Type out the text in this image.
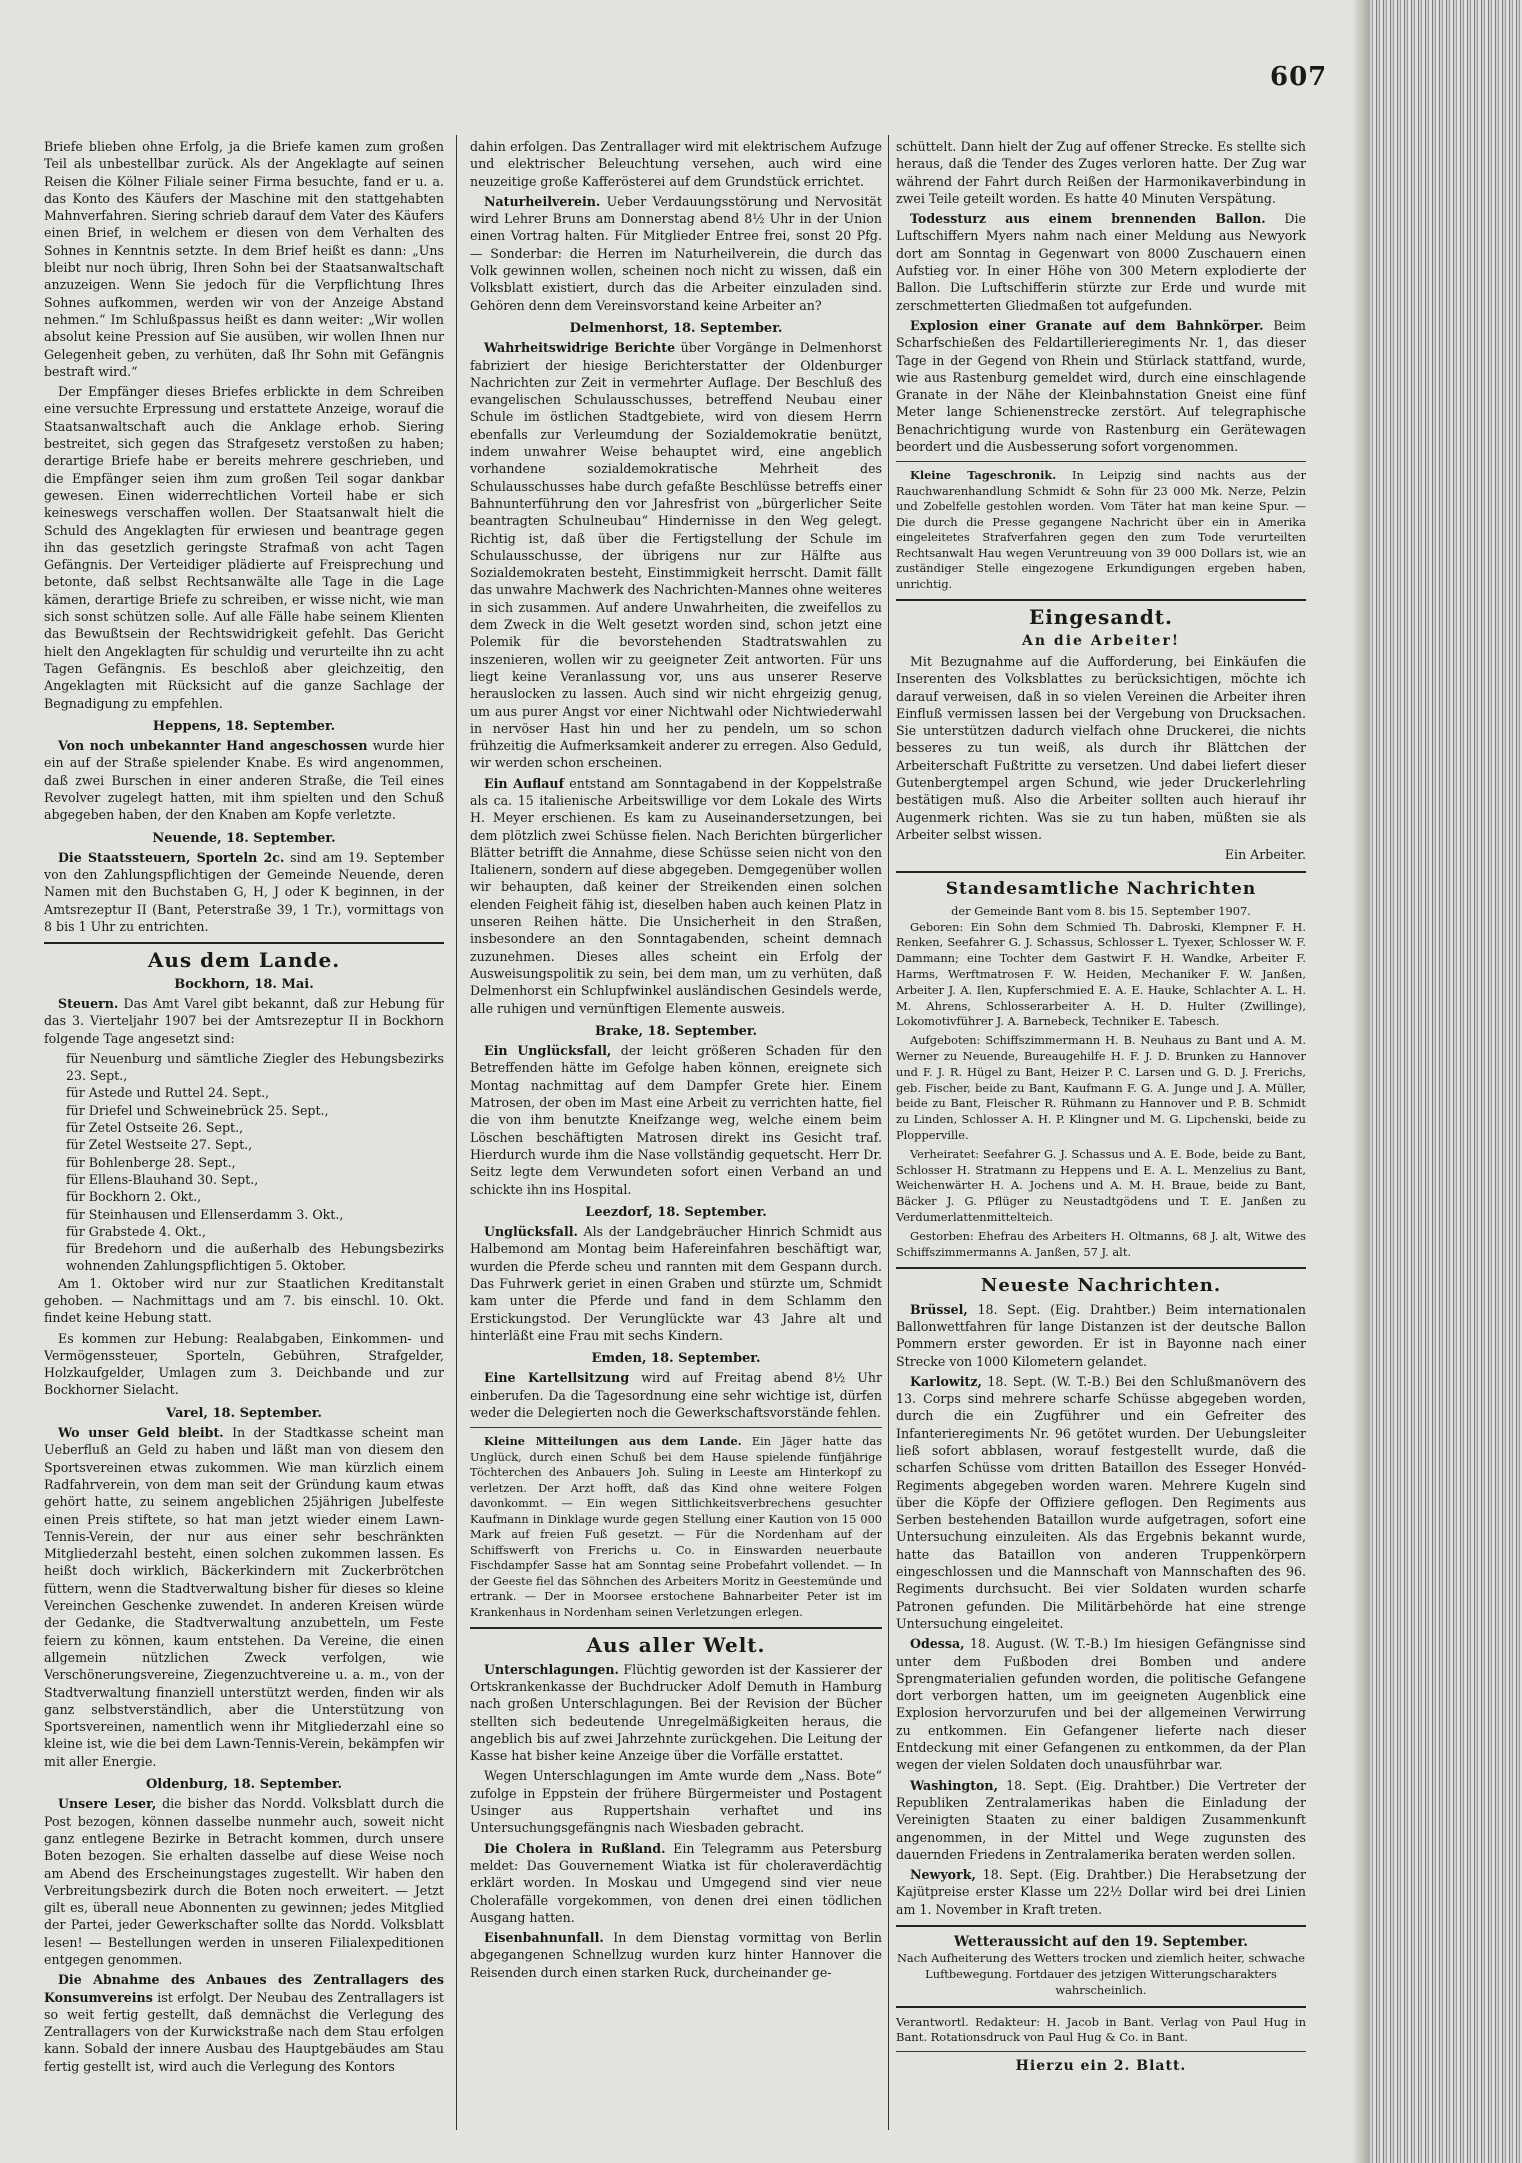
607

Briefe blieben ohne Erfolg, ja die Briefe kamen zum großen Teil als unbestellbar zurück. Als der Angeklagte auf seinen Reisen die Kölner Filiale seiner Firma besuchte, fand er u. a. das Konto des Käufers der Maschine mit den stattgehabten Mahnverfahren. Siering schrieb darauf dem Vater des Käufers einen Brief, in welchem er diesen von dem Verhalten des Sohnes in Kenntnis setzte. In dem Brief heißt es dann: „Uns bleibt nur noch übrig, Ihren Sohn bei der Staatsanwaltschaft anzuzeigen. Wenn Sie jedoch für die Verpflichtung Ihres Sohnes aufkommen, werden wir von der Anzeige Abstand nehmen.“ Im Schlußpassus heißt es dann weiter: „Wir wollen absolut keine Pression auf Sie ausüben, wir wollen Ihnen nur Gelegenheit geben, zu verhüten, daß Ihr Sohn mit Gefängnis bestraft wird.“

Der Empfänger dieses Briefes erblickte in dem Schreiben eine versuchte Erpressung und erstattete Anzeige, worauf die Staatsanwaltschaft auch die Anklage erhob. Siering bestreitet, sich gegen das Strafgesetz verstoßen zu haben; derartige Briefe habe er bereits mehrere geschrieben, und die Empfänger seien ihm zum großen Teil sogar dankbar gewesen. Einen widerrechtlichen Vorteil habe er sich keineswegs verschaffen wollen. Der Staatsanwalt hielt die Schuld des Angeklagten für erwiesen und beantrage gegen ihn das gesetzlich geringste Strafmaß von acht Tagen Gefängnis. Der Verteidiger plädierte auf Freisprechung und betonte, daß selbst Rechtsanwälte alle Tage in die Lage kämen, derartige Briefe zu schreiben, er wisse nicht, wie man sich sonst schützen solle. Auf alle Fälle habe seinem Klienten das Bewußtsein der Rechtswidrigkeit gefehlt. Das Gericht hielt den Angeklagten für schuldig und verurteilte ihn zu acht Tagen Gefängnis. Es beschloß aber gleichzeitig, den Angeklagten mit Rücksicht auf die ganze Sachlage der Begnadigung zu empfehlen.

Heppens, 18. September.

Von noch unbekannter Hand angeschossen wurde hier ein auf der Straße spielender Knabe. Es wird angenommen, daß zwei Burschen in einer anderen Straße, die Teil eines Revolver zugelegt hatten, mit ihm spielten und den Schuß abgegeben haben, der den Knaben am Kopfe verletzte.

Neuende, 18. September.

Die Staatssteuern, Sporteln 2c. sind am 19. September von den Zahlungspflichtigen der Gemeinde Neuende, deren Namen mit den Buchstaben G, H, J oder K beginnen, in der Amtsrezeptur II (Bant, Peterstraße 39, 1 Tr.), vormittags von 8 bis 1 Uhr zu entrichten.

Aus dem Lande.
Bockhorn, 18. Mai.

Steuern. Das Amt Varel gibt bekannt, daß zur Hebung für das 3. Vierteljahr 1907 bei der Amtsrezeptur II in Bockhorn folgende Tage angesetzt sind:

für Neuenburg und sämtliche Ziegler des Hebungsbezirks 23. Sept.,
für Astede und Ruttel 24. Sept.,
für Driefel und Schweinebrück 25. Sept.,
für Zetel Ostseite 26. Sept.,
für Zetel Westseite 27. Sept.,
für Bohlenberge 28. Sept.,
für Ellens-Blauhand 30. Sept.,
für Bockhorn 2. Okt.,
für Steinhausen und Ellenserdamm 3. Okt.,
für Grabstede 4. Okt.,
für Bredehorn und die außerhalb des Hebungsbezirks wohnenden Zahlungspflichtigen 5. Oktober.

Am 1. Oktober wird nur zur Staatlichen Kreditanstalt gehoben. — Nachmittags und am 7. bis einschl. 10. Okt. findet keine Hebung statt.

Es kommen zur Hebung: Realabgaben, Einkommen- und Vermögenssteuer, Sporteln, Gebühren, Strafgelder, Holzkaufgelder, Umlagen zum 3. Deichbande und zur Bockhorner Sielacht.

Varel, 18. September.

Wo unser Geld bleibt. In der Stadtkasse scheint man Ueberfluß an Geld zu haben und läßt man von diesem den Sportsvereinen etwas zukommen. Wie man kürzlich einem Radfahrverein, von dem man seit der Gründung kaum etwas gehört hatte, zu seinem angeblichen 25jährigen Jubelfeste einen Preis stiftete, so hat man jetzt wieder einem Lawn-Tennis-Verein, der nur aus einer sehr beschränkten Mitgliederzahl besteht, einen solchen zukommen lassen. Es heißt doch wirklich, Bäckerkindern mit Zuckerbrötchen füttern, wenn die Stadtverwaltung bisher für dieses so kleine Vereinchen Geschenke zuwendet. In anderen Kreisen würde der Gedanke, die Stadtverwaltung anzubetteln, um Feste feiern zu können, kaum entstehen. Da Vereine, die einen allgemein nützlichen Zweck verfolgen, wie Verschönerungsvereine, Ziegenzuchtvereine u. a. m., von der Stadtverwaltung finanziell unterstützt werden, finden wir als ganz selbstverständlich, aber die Unterstützung von Sportsvereinen, namentlich wenn ihr Mitgliederzahl eine so kleine ist, wie die bei dem Lawn-Tennis-Verein, bekämpfen wir mit aller Energie.

Oldenburg, 18. September.

Unsere Leser, die bisher das Nordd. Volksblatt durch die Post bezogen, können dasselbe nunmehr auch, soweit nicht ganz entlegene Bezirke in Betracht kommen, durch unsere Boten bezogen. Sie erhalten dasselbe auf diese Weise noch am Abend des Erscheinungstages zugestellt. Wir haben den Verbreitungsbezirk durch die Boten noch erweitert. — Jetzt gilt es, überall neue Abonnenten zu gewinnen; jedes Mitglied der Partei, jeder Gewerkschafter sollte das Nordd. Volksblatt lesen! — Bestellungen werden in unseren Filialexpeditionen entgegen genommen.

Die Abnahme des Anbaues des Zentrallagers des Konsumvereins ist erfolgt. Der Neubau des Zentrallagers ist so weit fertig gestellt, daß demnächst die Verlegung des Zentrallagers von der Kurwickstraße nach dem Stau erfolgen kann. Sobald der innere Ausbau des Hauptgebäudes am Stau fertig gestellt ist, wird auch die Verlegung des Kontors

dahin erfolgen. Das Zentrallager wird mit elektrischem Aufzuge und elektrischer Beleuchtung versehen, auch wird eine neuzeitige große Kafferösterei auf dem Grundstück errichtet.

Naturheilverein. Ueber Verdauungsstörung und Nervosität wird Lehrer Bruns am Donnerstag abend 8½ Uhr in der Union einen Vortrag halten. Für Mitglieder Entree frei, sonst 20 Pfg. — Sonderbar: die Herren im Naturheilverein, die durch das Volk gewinnen wollen, scheinen noch nicht zu wissen, daß ein Volksblatt existiert, durch das die Arbeiter einzuladen sind. Gehören denn dem Vereinsvorstand keine Arbeiter an?

Delmenhorst, 18. September.

Wahrheitswidrige Berichte über Vorgänge in Delmenhorst fabriziert der hiesige Berichterstatter der Oldenburger Nachrichten zur Zeit in vermehrter Auflage. Der Beschluß des evangelischen Schulausschusses, betreffend Neubau einer Schule im östlichen Stadtgebiete, wird von diesem Herrn ebenfalls zur Verleumdung der Sozialdemokratie benützt, indem unwahrer Weise behauptet wird, eine angeblich vorhandene sozialdemokratische Mehrheit des Schulausschusses habe durch gefaßte Beschlüsse betreffs einer Bahnunterführung den vor Jahresfrist von „bürgerlicher Seite beantragten Schulneubau“ Hindernisse in den Weg gelegt. Richtig ist, daß über die Fertigstellung der Schule im Schulausschusse, der übrigens nur zur Hälfte aus Sozialdemokraten besteht, Einstimmigkeit herrscht. Damit fällt das unwahre Machwerk des Nachrichten-Mannes ohne weiteres in sich zusammen. Auf andere Unwahrheiten, die zweifellos zu dem Zweck in die Welt gesetzt worden sind, schon jetzt eine Polemik für die bevorstehenden Stadtratswahlen zu inszenieren, wollen wir zu geeigneter Zeit antworten. Für uns liegt keine Veranlassung vor, uns aus unserer Reserve herauslocken zu lassen. Auch sind wir nicht ehrgeizig genug, um aus purer Angst vor einer Nichtwahl oder Nichtwiederwahl in nervöser Hast hin und her zu pendeln, um so schon frühzeitig die Aufmerksamkeit anderer zu erregen. Also Geduld, wir werden schon erscheinen.

Ein Auflauf entstand am Sonntagabend in der Koppelstraße als ca. 15 italienische Arbeitswillige vor dem Lokale des Wirts H. Meyer erschienen. Es kam zu Auseinandersetzungen, bei dem plötzlich zwei Schüsse fielen. Nach Berichten bürgerlicher Blätter betrifft die Annahme, diese Schüsse seien nicht von den Italienern, sondern auf diese abgegeben. Demgegenüber wollen wir behaupten, daß keiner der Streikenden einen solchen elenden Feigheit fähig ist, dieselben haben auch keinen Platz in unseren Reihen hätte. Die Unsicherheit in den Straßen, insbesondere an den Sonntagabenden, scheint demnach zuzunehmen. Dieses alles scheint ein Erfolg der Ausweisungspolitik zu sein, bei dem man, um zu verhüten, daß Delmenhorst ein Schlupfwinkel ausländischen Gesindels werde, alle ruhigen und vernünftigen Elemente ausweis.

Brake, 18. September.

Ein Unglücksfall, der leicht größeren Schaden für den Betreffenden hätte im Gefolge haben können, ereignete sich Montag nachmittag auf dem Dampfer Grete hier. Einem Matrosen, der oben im Mast eine Arbeit zu verrichten hatte, fiel die von ihm benutzte Kneifzange weg, welche einem beim Löschen beschäftigten Matrosen direkt ins Gesicht traf. Hierdurch wurde ihm die Nase vollständig gequetscht. Herr Dr. Seitz legte dem Verwundeten sofort einen Verband an und schickte ihn ins Hospital.

Leezdorf, 18. September.

Unglücksfall. Als der Landgebräucher Hinrich Schmidt aus Halbemond am Montag beim Hafereinfahren beschäftigt war, wurden die Pferde scheu und rannten mit dem Gespann durch. Das Fuhrwerk geriet in einen Graben und stürzte um, Schmidt kam unter die Pferde und fand in dem Schlamm den Erstickungstod. Der Verunglückte war 43 Jahre alt und hinterläßt eine Frau mit sechs Kindern.

Emden, 18. September.

Eine Kartellsitzung wird auf Freitag abend 8½ Uhr einberufen. Da die Tagesordnung eine sehr wichtige ist, dürfen weder die Delegierten noch die Gewerkschaftsvorstände fehlen.

Kleine Mitteilungen aus dem Lande. Ein Jäger hatte das Unglück, durch einen Schuß bei dem Hause spielende fünfjährige Töchterchen des Anbauers Joh. Suling in Leeste am Hinterkopf zu verletzen. Der Arzt hofft, daß das Kind ohne weitere Folgen davonkommt. — Ein wegen Sittlichkeitsverbrechens gesuchter Kaufmann in Dinklage wurde gegen Stellung einer Kaution von 15 000 Mark auf freien Fuß gesetzt. — Für die Nordenham auf der Schiffswerft von Frerichs u. Co. in Einswarden neuerbaute Fischdampfer Sasse hat am Sonntag seine Probefahrt vollendet. — In der Geeste fiel das Söhnchen des Arbeiters Moritz in Geestemünde und ertrank. — Der in Moorsee erstochene Bahnarbeiter Peter ist im Krankenhaus in Nordenham seinen Verletzungen erlegen.

Aus aller Welt.

Unterschlagungen. Flüchtig geworden ist der Kassierer der Ortskrankenkasse der Buchdrucker Adolf Demuth in Hamburg nach großen Unterschlagungen. Bei der Revision der Bücher stellten sich bedeutende Unregelmäßigkeiten heraus, die angeblich bis auf zwei Jahrzehnte zurückgehen. Die Leitung der Kasse hat bisher keine Anzeige über die Vorfälle erstattet.

Wegen Unterschlagungen im Amte wurde dem „Nass. Bote“ zufolge in Eppstein der frühere Bürgermeister und Postagent Usinger aus Ruppertshain verhaftet und ins Untersuchungsgefängnis nach Wiesbaden gebracht.

Die Cholera in Rußland. Ein Telegramm aus Petersburg meldet: Das Gouvernement Wiatka ist für choleraverdächtig erklärt worden. In Moskau und Umgegend sind vier neue Cholerafälle vorgekommen, von denen drei einen tödlichen Ausgang hatten.

Eisenbahnunfall. In dem Dienstag vormittag von Berlin abgegangenen Schnellzug wurden kurz hinter Hannover die Reisenden durch einen starken Ruck, durcheinander ge-

schüttelt. Dann hielt der Zug auf offener Strecke. Es stellte sich heraus, daß die Tender des Zuges verloren hatte. Der Zug war während der Fahrt durch Reißen der Harmonikaverbindung in zwei Teile geteilt worden. Es hatte 40 Minuten Verspätung.

Todessturz aus einem brennenden Ballon. Die Luftschiffern Myers nahm nach einer Meldung aus Newyork dort am Sonntag in Gegenwart von 8000 Zuschauern einen Aufstieg vor. In einer Höhe von 300 Metern explodierte der Ballon. Die Luftschifferin stürzte zur Erde und wurde mit zerschmetterten Gliedmaßen tot aufgefunden.

Explosion einer Granate auf dem Bahnkörper. Beim Scharfschießen des Feldartillerieregiments Nr. 1, das dieser Tage in der Gegend von Rhein und Stürlack stattfand, wurde, wie aus Rastenburg gemeldet wird, durch eine einschlagende Granate in der Nähe der Kleinbahnstation Gneist eine fünf Meter lange Schienenstrecke zerstört. Auf telegraphische Benachrichtigung wurde von Rastenburg ein Gerätewagen beordert und die Ausbesserung sofort vorgenommen.

Kleine Tageschronik. In Leipzig sind nachts aus der Rauchwarenhandlung Schmidt & Sohn für 23 000 Mk. Nerze, Pelzin und Zobelfelle gestohlen worden. Vom Täter hat man keine Spur. — Die durch die Presse gegangene Nachricht über ein in Amerika eingeleitetes Strafverfahren gegen den zum Tode verurteilten Rechtsanwalt Hau wegen Veruntreuung von 39 000 Dollars ist, wie an zuständiger Stelle eingezogene Erkundigungen ergeben haben, unrichtig.

Eingesandt.
An die Arbeiter!

Mit Bezugnahme auf die Aufforderung, bei Einkäufen die Inserenten des Volksblattes zu berücksichtigen, möchte ich darauf verweisen, daß in so vielen Vereinen die Arbeiter ihren Einfluß vermissen lassen bei der Vergebung von Drucksachen. Sie unterstützen dadurch vielfach ohne Druckerei, die nichts besseres zu tun weiß, als durch ihr Blättchen der Arbeiterschaft Fußtritte zu versetzen. Und dabei liefert dieser Gutenbergtempel argen Schund, wie jeder Druckerlehrling bestätigen muß. Also die Arbeiter sollten auch hierauf ihr Augenmerk richten. Was sie zu tun haben, müßten sie als Arbeiter selbst wissen.

Ein Arbeiter.

Standesamtliche Nachrichten
der Gemeinde Bant vom 8. bis 15. September 1907.

Geboren: Ein Sohn dem Schmied Th. Dabroski, Klempner F. H. Renken, Seefahrer G. J. Schassus, Schlosser L. Tyexer, Schlosser W. F. Dammann; eine Tochter dem Gastwirt F. H. Wandke, Arbeiter F. Harms, Werftmatrosen F. W. Heiden, Mechaniker F. W. Janßen, Arbeiter J. A. Ilen, Kupferschmied E. A. E. Hauke, Schlachter A. L. H. M. Ahrens, Schlosserarbeiter A. H. D. Hulter (Zwillinge), Lokomotivführer J. A. Barnebeck, Techniker E. Tabesch.

Aufgeboten: Schiffszimmermann H. B. Neuhaus zu Bant und A. M. Werner zu Neuende, Bureaugehilfe H. F. J. D. Brunken zu Hannover und F. J. R. Hügel zu Bant, Heizer P. C. Larsen und G. D. J. Frerichs, geb. Fischer, beide zu Bant, Kaufmann F. G. A. Junge und J. A. Müller, beide zu Bant, Fleischer R. Rühmann zu Hannover und P. B. Schmidt zu Linden, Schlosser A. H. P. Klingner und M. G. Lipchenski, beide zu Plopperville.

Verheiratet: Seefahrer G. J. Schassus und A. E. Bode, beide zu Bant, Schlosser H. Stratmann zu Heppens und E. A. L. Menzelius zu Bant, Weichenwärter H. A. Jochens und A. M. H. Braue, beide zu Bant, Bäcker J. G. Pflüger zu Neustadtgödens und T. E. Janßen zu Verdumerlattenmittelteich.

Gestorben: Ehefrau des Arbeiters H. Oltmanns, 68 J. alt, Witwe des Schiffszimmermanns A. Janßen, 57 J. alt.

Neueste Nachrichten.

Brüssel, 18. Sept. (Eig. Drahtber.) Beim internationalen Ballonwettfahren für lange Distanzen ist der deutsche Ballon Pommern erster geworden. Er ist in Bayonne nach einer Strecke von 1000 Kilometern gelandet.

Karlowitz, 18. Sept. (W. T.-B.) Bei den Schlußmanövern des 13. Corps sind mehrere scharfe Schüsse abgegeben worden, durch die ein Zugführer und ein Gefreiter des Infanterieregiments Nr. 96 getötet wurden. Der Uebungsleiter ließ sofort abblasen, worauf festgestellt wurde, daß die scharfen Schüsse vom dritten Bataillon des Esseger Honvéd-Regiments abgegeben worden waren. Mehrere Kugeln sind über die Köpfe der Offiziere geflogen. Den Regiments aus Serben bestehenden Bataillon wurde aufgetragen, sofort eine Untersuchung einzuleiten. Als das Ergebnis bekannt wurde, hatte das Bataillon von anderen Truppenkörpern eingeschlossen und die Mannschaft von Mannschaften des 96. Regiments durchsucht. Bei vier Soldaten wurden scharfe Patronen gefunden. Die Militärbehörde hat eine strenge Untersuchung eingeleitet.

Odessa, 18. August. (W. T.-B.) Im hiesigen Gefängnisse sind unter dem Fußboden drei Bomben und andere Sprengmaterialien gefunden worden, die politische Gefangene dort verborgen hatten, um im geeigneten Augenblick eine Explosion hervorzurufen und bei der allgemeinen Verwirrung zu entkommen. Ein Gefangener lieferte nach dieser Entdeckung mit einer Gefangenen zu entkommen, da der Plan wegen der vielen Soldaten doch unausführbar war.

Washington, 18. Sept. (Eig. Drahtber.) Die Vertreter der Republiken Zentralamerikas haben die Einladung der Vereinigten Staaten zu einer baldigen Zusammenkunft angenommen, in der Mittel und Wege zugunsten des dauernden Friedens in Zentralamerika beraten werden sollen.

Newyork, 18. Sept. (Eig. Drahtber.) Die Herabsetzung der Kajütpreise erster Klasse um 22½ Dollar wird bei drei Linien am 1. November in Kraft treten.

Wetteraussicht auf den 19. September.

Nach Aufheiterung des Wetters trocken und ziemlich heiter, schwache Luftbewegung. Fortdauer des jetzigen Witterungscharakters wahrscheinlich.

Verantwortl. Redakteur: H. Jacob in Bant. Verlag von Paul Hug in Bant. Rotationsdruck von Paul Hug & Co. in Bant.

Hierzu ein 2. Blatt.
